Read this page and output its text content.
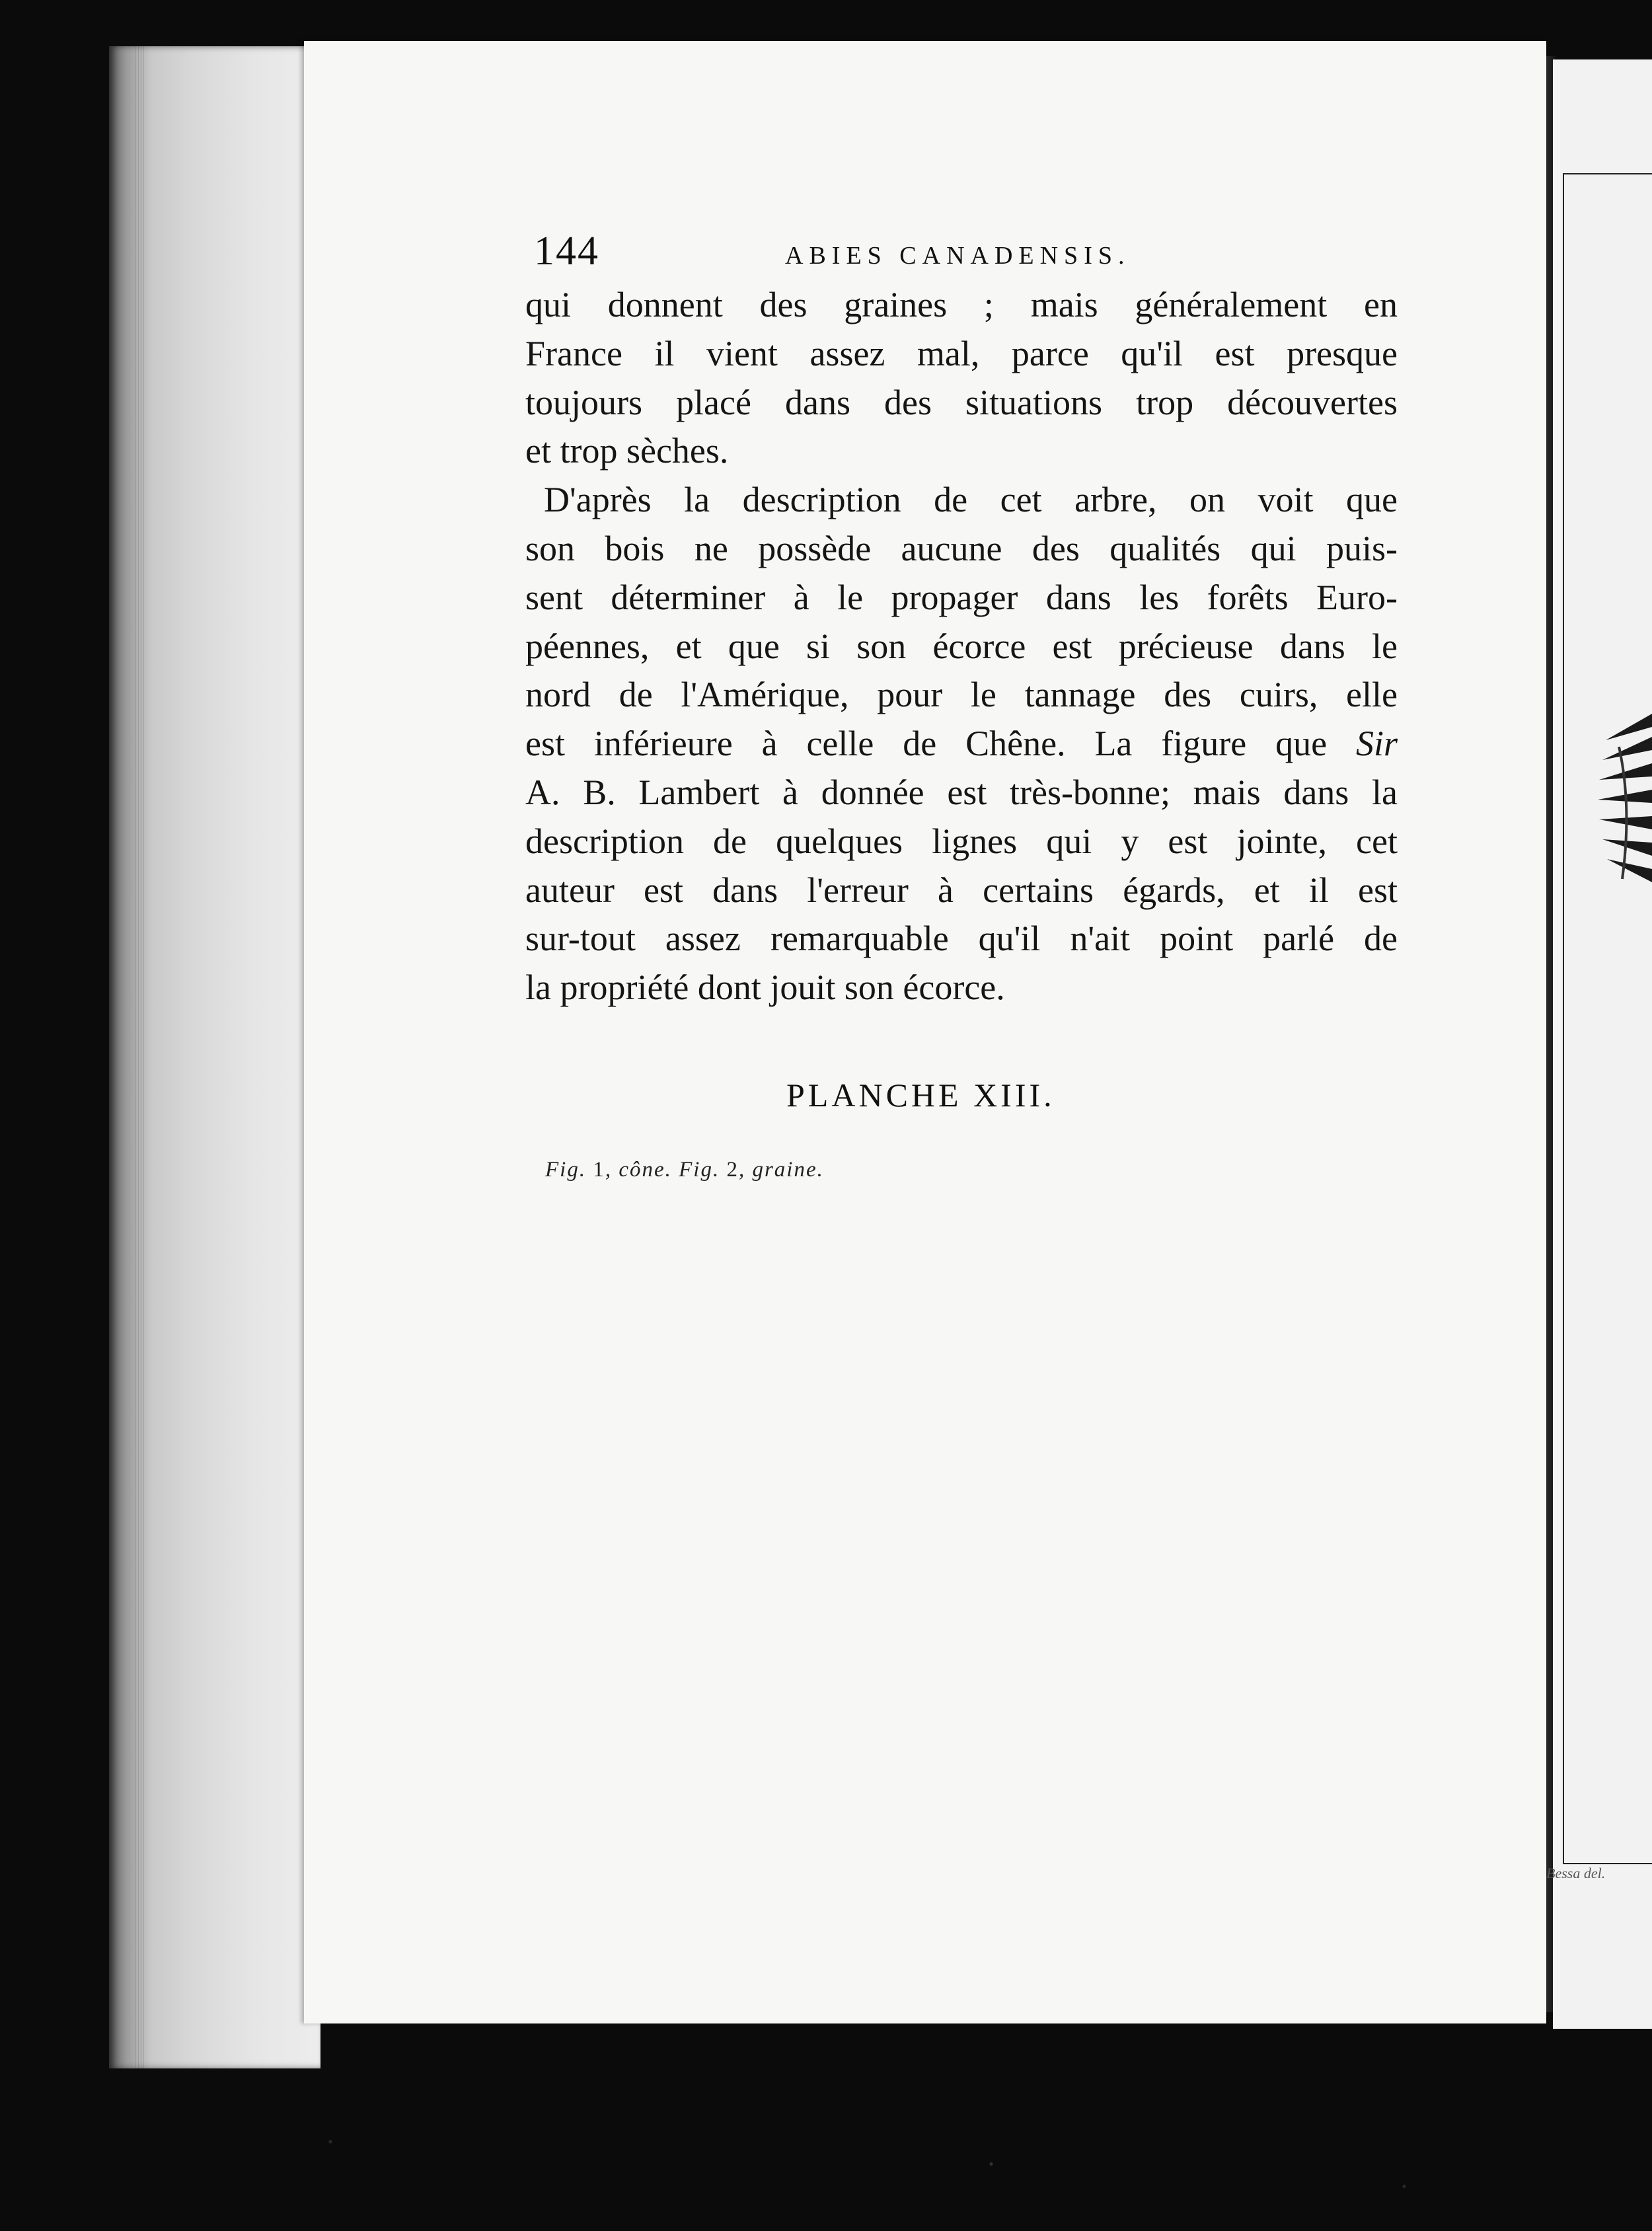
Bessa del.
144	ABIES CANADENSIS.
qui donnent des graines ; mais généralement en
France il vient assez mal, parce qu'il est presque
toujours placé dans des situations trop découvertes
et trop sèches.
D'après la description de cet arbre, on voit que
son bois ne possède aucune des qualités qui puis-
sent déterminer à le propager dans les forêts Euro-
péennes, et que si son écorce est précieuse dans le
nord de l'Amérique, pour le tannage des cuirs, elle
est inférieure à celle de Chêne. La figure que Sir
A. B. Lambert à donnée est très-bonne; mais dans la
description de quelques lignes qui y est jointe, cet
auteur est dans l'erreur à certains égards, et il est
sur-tout assez remarquable qu'il n'ait point parlé de
la propriété dont jouit son écorce.
PLANCHE XIII.
Fig. 1, cône. Fig. 2, graine.
